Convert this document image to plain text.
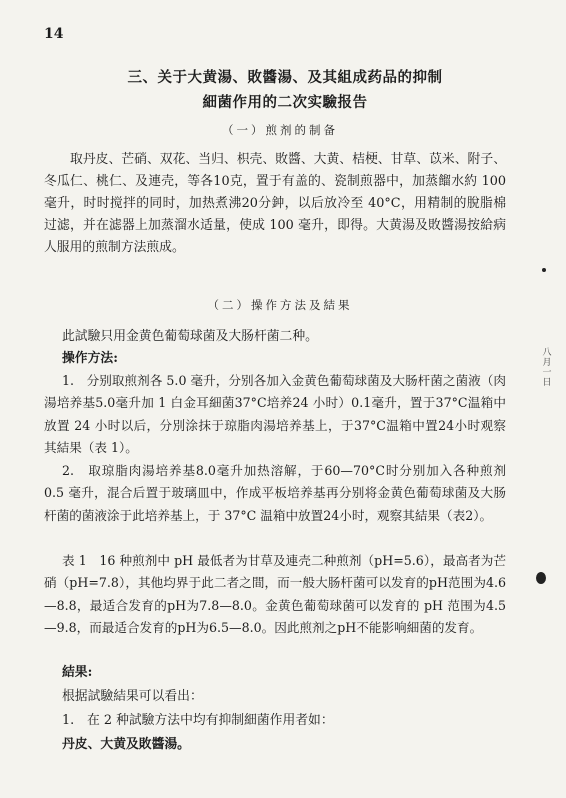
14
三、关于大黄湯、敗醬湯、及其組成药品的抑制
細菌作用的二次实驗报告
（一）煎剂的制备

取丹皮、芒硝、双花、当归、枳壳、敗醬、大黄、桔梗、甘草、苡米、附子、冬瓜仁、桃仁、及連壳，等各10克，置于有盖的、瓷制煎器中，加蒸餾水約 100 毫升，时时搅拌的同时，加热煮沸20分鈡，以后放冷至 40°C，用精制的脫脂棉过滤，并在滤器上加蒸溜水适量，使成 100 毫升，即得。大黄湯及敗醬湯按給病人服用的煎制方法煎成。

（二）操作方法及結果

此試驗只用金黄色葡萄球菌及大肠杆菌二种。

操作方法:

1.　分别取煎剂各 5.0 毫升，分别各加入金黄色葡萄球菌及大肠杆菌之菌液（肉湯培养基5.0毫升加 1 白金耳細菌37°C培养24 小时）0.1毫升，置于37°C温箱中放置 24 小时以后，分別涂抹于琼脂肉湯培养基上，于37°C温箱中置24小时观察其結果（表 1）。

2.　取琼脂肉湯培养基8.0毫升加热溶解，于60—70°C时分别加入各种煎剂 0.5 毫升，混合后置于玻璃皿中，作成平板培养基再分别将金黄色葡萄球菌及大肠杆菌的菌液涂于此培养基上，于 37°C 温箱中放置24小时，观察其結果（表2）。

表 1　16 种煎剂中 pH 最低者为甘草及連壳二种煎剂（pH=5.6），最高者为芒硝（pH=7.8），其他均界于此二者之間，而一般大肠杆菌可以发育的pH范围为4.6—8.8，最适合发育的pH为7.8—8.0。金黄色葡萄球菌可以发育的 pH 范围为4.5—9.8，而最适合发育的pH为6.5—8.0。因此煎剂之pH不能影响細菌的发育。

結果:

根据試驗結果可以看出：

1.　在 2 种試驗方法中均有抑制細菌作用者如：

丹皮、大黄及敗醬湯。

八 月 一 日
